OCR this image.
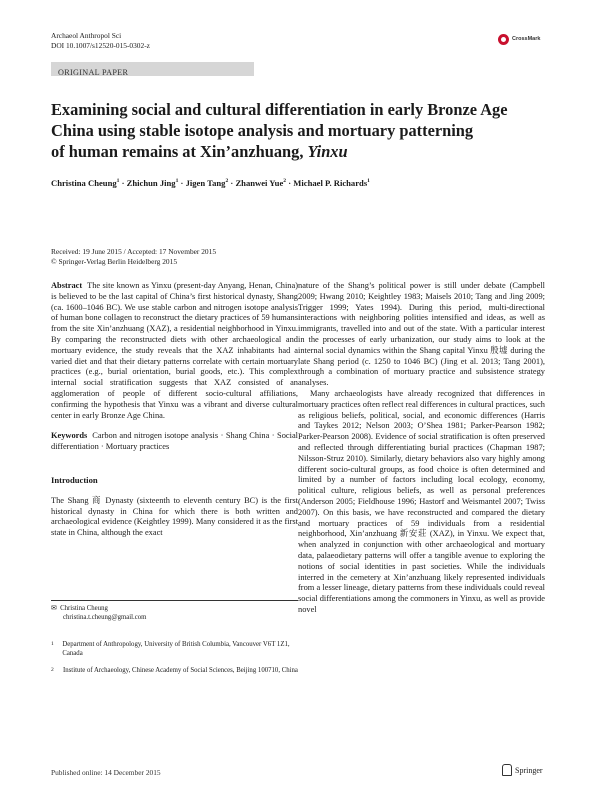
Archaeol Anthropol Sci
DOI 10.1007/s12520-015-0302-z
CrossMark
ORIGINAL PAPER
Examining social and cultural differentiation in early Bronze Age
China using stable isotope analysis and mortuary patterning
of human remains at Xin’anzhuang, Yinxu
Christina Cheung$^1$ · Zhichun Jing$^1$ · Jigen Tang$^2$ · Zhanwei Yue$^2$ · Michael P. Richards$^1$
Received: 19 June 2015 / Accepted: 17 November 2015
© Springer-Verlag Berlin Heidelberg 2015

Abstract The site known as Yinxu (present-day Anyang, Henan, China) is believed to be the last capital of China’s first historical dynasty, Shang (ca. 1600–1046 BC). We use stable carbon and nitrogen isotope analysis of human bone collagen to reconstruct the dietary practices of 59 humans from the site Xin’anzhuang (XAZ), a residential neighborhood in Yinxu. By comparing the reconstructed diets with other archaeological and mortuary evidence, the study reveals that the XAZ inhabitants had a varied diet and that their dietary patterns correlate with certain mortuary practices (e.g., burial orientation, burial goods, etc.). This complex internal social stratification suggests that XAZ consisted of an agglomeration of people of different socio-cultural affiliations, confirming the hypothesis that Yinxu was a vibrant and diverse cultural center in early Bronze Age China.

Keywords Carbon and nitrogen isotope analysis · Shang China · Social differentiation · Mortuary practices

Introduction

The Shang 商 Dynasty (sixteenth to eleventh century BC) is the first historical dynasty in China for which there is both written and archaeological evidence (Keightley 1999). Many considered it as the first state in China, although the exact

✉ Christina Cheung
christina.t.cheung@gmail.com
1	Department of Anthropology, University of British Columbia, Vancouver V6T 1Z1, Canada
2	Institute of Archaeology, Chinese Academy of Social Sciences, Beijing 100710, China

nature of the Shang’s political power is still under debate (Campbell 2009; Hwang 2010; Keightley 1983; Maisels 2010; Tang and Jing 2009; Trigger 1999; Yates 1994). During this period, multi-directional interactions with neighboring polities intensified and ideas, as well as immigrants, travelled into and out of the state. With a particular interest in the processes of early urbanization, our study aims to look at the internal social dynamics within the Shang capital Yinxu 殷墟 during the late Shang period (c. 1250 to 1046 BC) (Jing et al. 2013; Tang 2001), through a combination of mortuary practice and subsistence strategy analyses.

Many archaeologists have already recognized that differences in mortuary practices often reflect real differences in cultural practices, such as religious beliefs, political, social, and economic differences (Harris and Taykes 2012; Nelson 2003; O’Shea 1981; Parker-Pearson 1982; Parker-Pearson 2008). Evidence of social stratification is often preserved and reflected through differentiating burial practices (Chapman 1987; Nilsson-Struz 2010). Similarly, dietary behaviors also vary highly among different socio-cultural groups, as food choice is often determined and limited by a number of factors including local ecology, economy, political culture, religious beliefs, as well as personal preferences (Anderson 2005; Fieldhouse 1996; Hastorf and Weismantel 2007; Twiss 2007). On this basis, we have reconstructed and compared the dietary and mortuary practices of 59 individuals from a residential neighborhood, Xin’anzhuang 新安莊 (XAZ), in Yinxu. We expect that, when analyzed in conjunction with other archaeological and mortuary data, palaeodietary patterns will offer a tangible avenue to exploring the notions of social identities in past societies. While the individuals interred in the cemetery at Xin’anzhuang likely represented individuals from a lesser lineage, dietary patterns from these individuals could reveal social differentiations among the commoners in Yinxu, as well as provide novel

Published online: 14 December 2015	Springer
